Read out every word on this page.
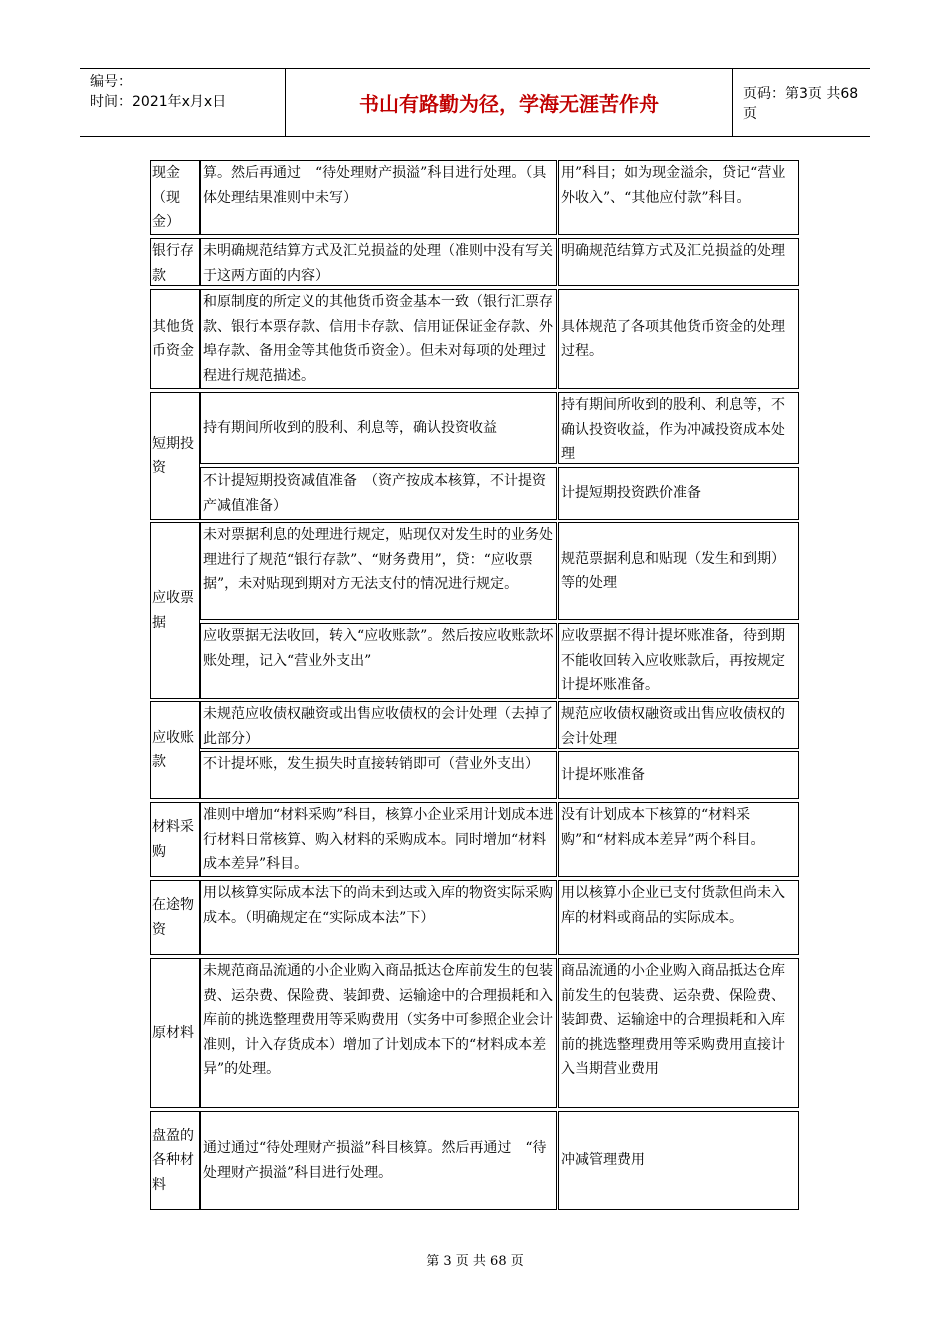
编号：
时间：2021年x月x日	书山有路勤为径，学海无涯苦作舟	页码：第3页 共68页
现金（现金）
算。然后再通过　“待处理财产损溢”科目进行处理。（具体处理结果准则中未写）
用”科目；如为现金溢余，贷记“营业外收入”、“其他应付款”科目。
银行存款
未明确规范结算方式及汇兑损益的处理（准则中没有写关于这两方面的内容）
明确规范结算方式及汇兑损益的处理
其他货币资金
和原制度的所定义的其他货币资金基本一致（银行汇票存款、银行本票存款、信用卡存款、信用证保证金存款、外埠存款、备用金等其他货币资金）。但未对每项的处理过程进行规范描述。
具体规范了各项其他货币资金的处理过程。
短期投资
持有期间所收到的股利、利息等，确认投资收益
持有期间所收到的股利、利息等，不确认投资收益，作为冲减投资成本处理
不计提短期投资减值准备　（资产按成本核算，不计提资产减值准备）
计提短期投资跌价准备
应收票据
未对票据利息的处理进行规定，贴现仅对发生时的业务处理进行了规范“银行存款”、“财务费用”，贷：“应收票据”，未对贴现到期对方无法支付的情况进行规定。
规范票据利息和贴现（发生和到期）等的处理
应收票据无法收回，转入“应收账款”。然后按应收账款坏账处理，记入“营业外支出”
应收票据不得计提坏账准备，待到期不能收回转入应收账款后，再按规定计提坏账准备。
应收账款
未规范应收债权融资或出售应收债权的会计处理（去掉了此部分）
规范应收债权融资或出售应收债权的会计处理
不计提坏账，发生损失时直接转销即可（营业外支出）
计提坏账准备
材料采购
准则中增加“材料采购”科目，核算小企业采用计划成本进行材料日常核算、购入材料的采购成本。同时增加“材料成本差异”科目。
没有计划成本下核算的“材料采购”和“材料成本差异”两个科目。
在途物资
用以核算实际成本法下的尚未到达或入库的物资实际采购成本。（明确规定在“实际成本法”下）
用以核算小企业已支付货款但尚未入库的材料或商品的实际成本。
原材料
未规范商品流通的小企业购入商品抵达仓库前发生的包装费、运杂费、保险费、装卸费、运输途中的合理损耗和入库前的挑选整理费用等采购费用（实务中可参照企业会计准则，计入存货成本）增加了计划成本下的“材料成本差异”的处理。
商品流通的小企业购入商品抵达仓库前发生的包装费、运杂费、保险费、装卸费、运输途中的合理损耗和入库前的挑选整理费用等采购费用直接计入当期营业费用
盘盈的各种材料
通过通过“待处理财产损溢”科目核算。然后再通过　“待处理财产损溢”科目进行处理。
冲减管理费用
第 3 页 共 68 页
